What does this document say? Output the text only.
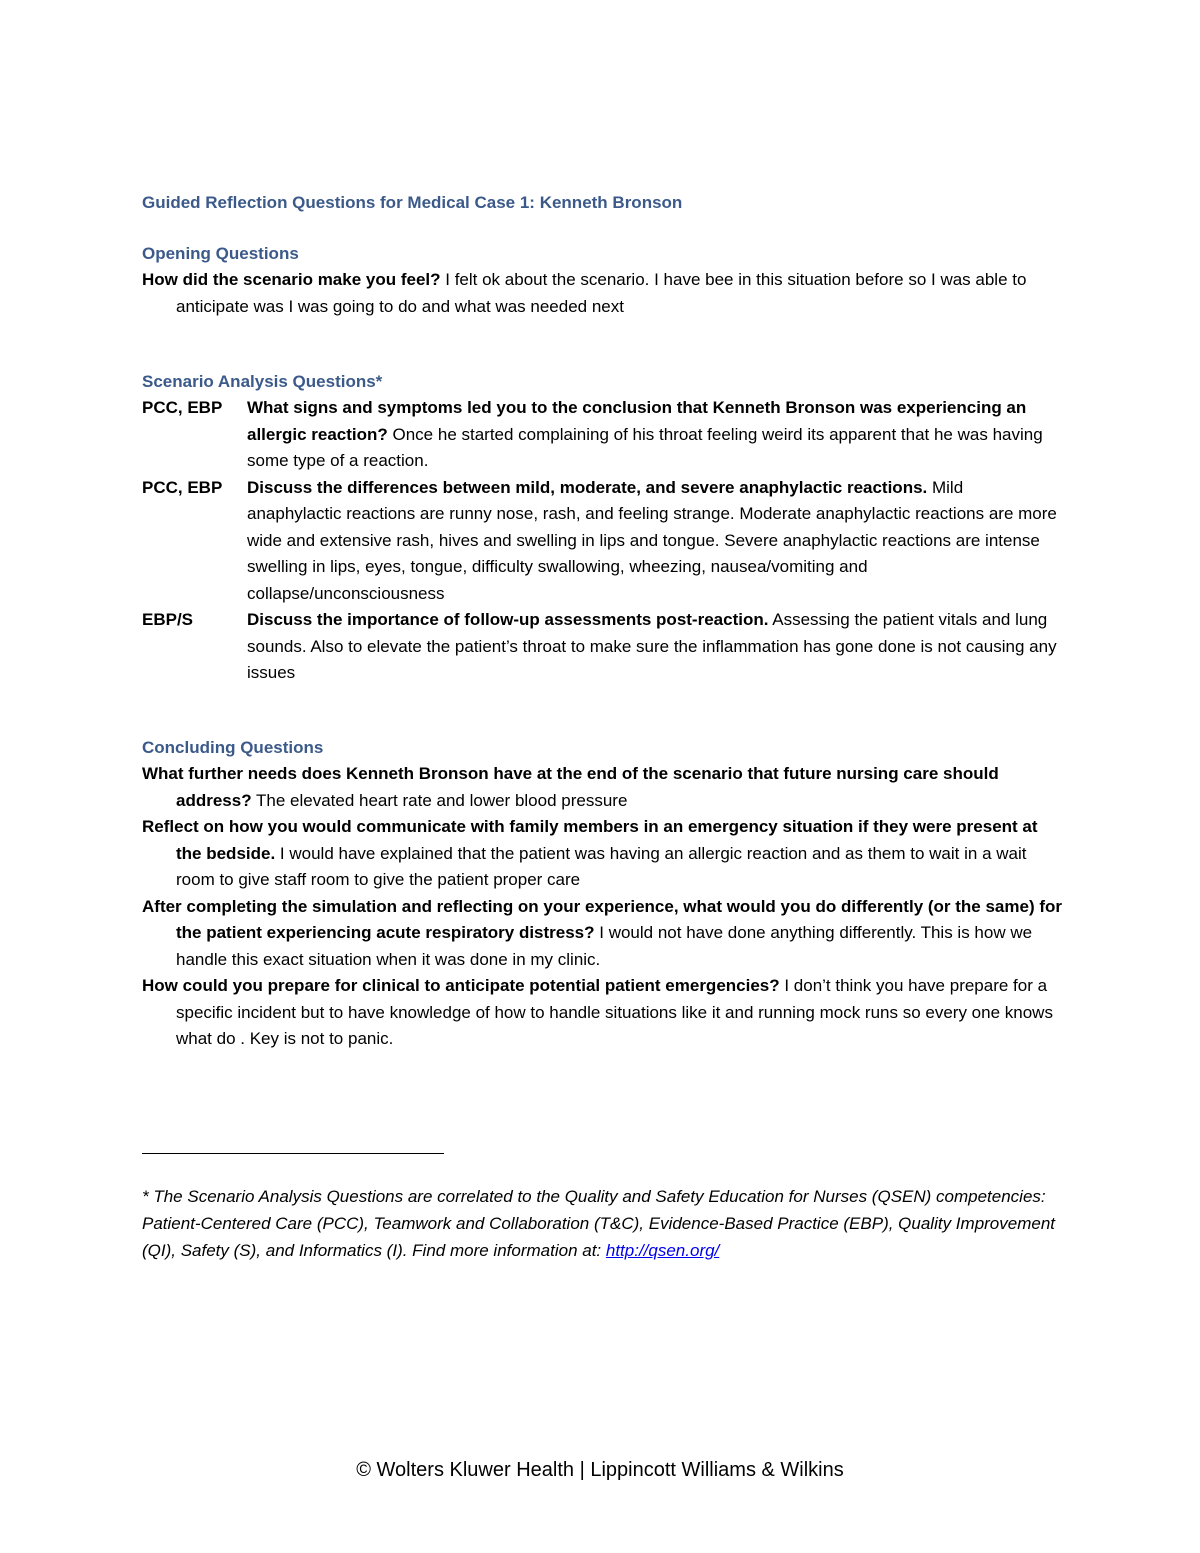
Guided Reflection Questions for Medical Case 1: Kenneth Bronson
Opening Questions

How did the scenario make you feel? I felt ok about the scenario. I have bee in this situation before so I was able to anticipate was I was going to do and what was needed next

Scenario Analysis Questions*
PCC, EBP	What signs and symptoms led you to the conclusion that Kenneth Bronson was experiencing an allergic reaction? Once he started complaining of his throat feeling weird its apparent that he was having some type of a reaction.
PCC, EBP	Discuss the differences between mild, moderate, and severe anaphylactic reactions. Mild anaphylactic reactions are runny nose, rash, and feeling strange. Moderate anaphylactic reactions are more wide and extensive rash, hives and swelling in lips and tongue. Severe anaphylactic reactions are intense swelling in lips, eyes, tongue, difficulty swallowing, wheezing, nausea/vomiting and collapse/unconsciousness
EBP/S	Discuss the importance of follow-up assessments post-reaction. Assessing the patient vitals and lung sounds. Also to elevate the patient’s throat to make sure the inflammation has gone done is not causing any issues
Concluding Questions

What further needs does Kenneth Bronson have at the end of the scenario that future nursing care should address? The elevated heart rate and lower blood pressure

Reflect on how you would communicate with family members in an emergency situation if they were present at the bedside. I would have explained that the patient was having an allergic reaction and as them to wait in a wait room to give staff room to give the patient proper care

After completing the simulation and reflecting on your experience, what would you do differently (or the same) for the patient experiencing acute respiratory distress? I would not have done anything differently. This is how we handle this exact situation when it was done in my clinic.

How could you prepare for clinical to anticipate potential patient emergencies? I don’t think you have prepare for a specific incident but to have knowledge of how to handle situations like it and running mock runs so every one knows what do . Key is not to panic.

* The Scenario Analysis Questions are correlated to the Quality and Safety Education for Nurses (QSEN) competencies: Patient-Centered Care (PCC), Teamwork and Collaboration (T&C), Evidence-Based Practice (EBP), Quality Improvement (QI), Safety (S), and Informatics (I). Find more information at: http://qsen.org/
© Wolters Kluwer Health | Lippincott Williams & Wilkins
